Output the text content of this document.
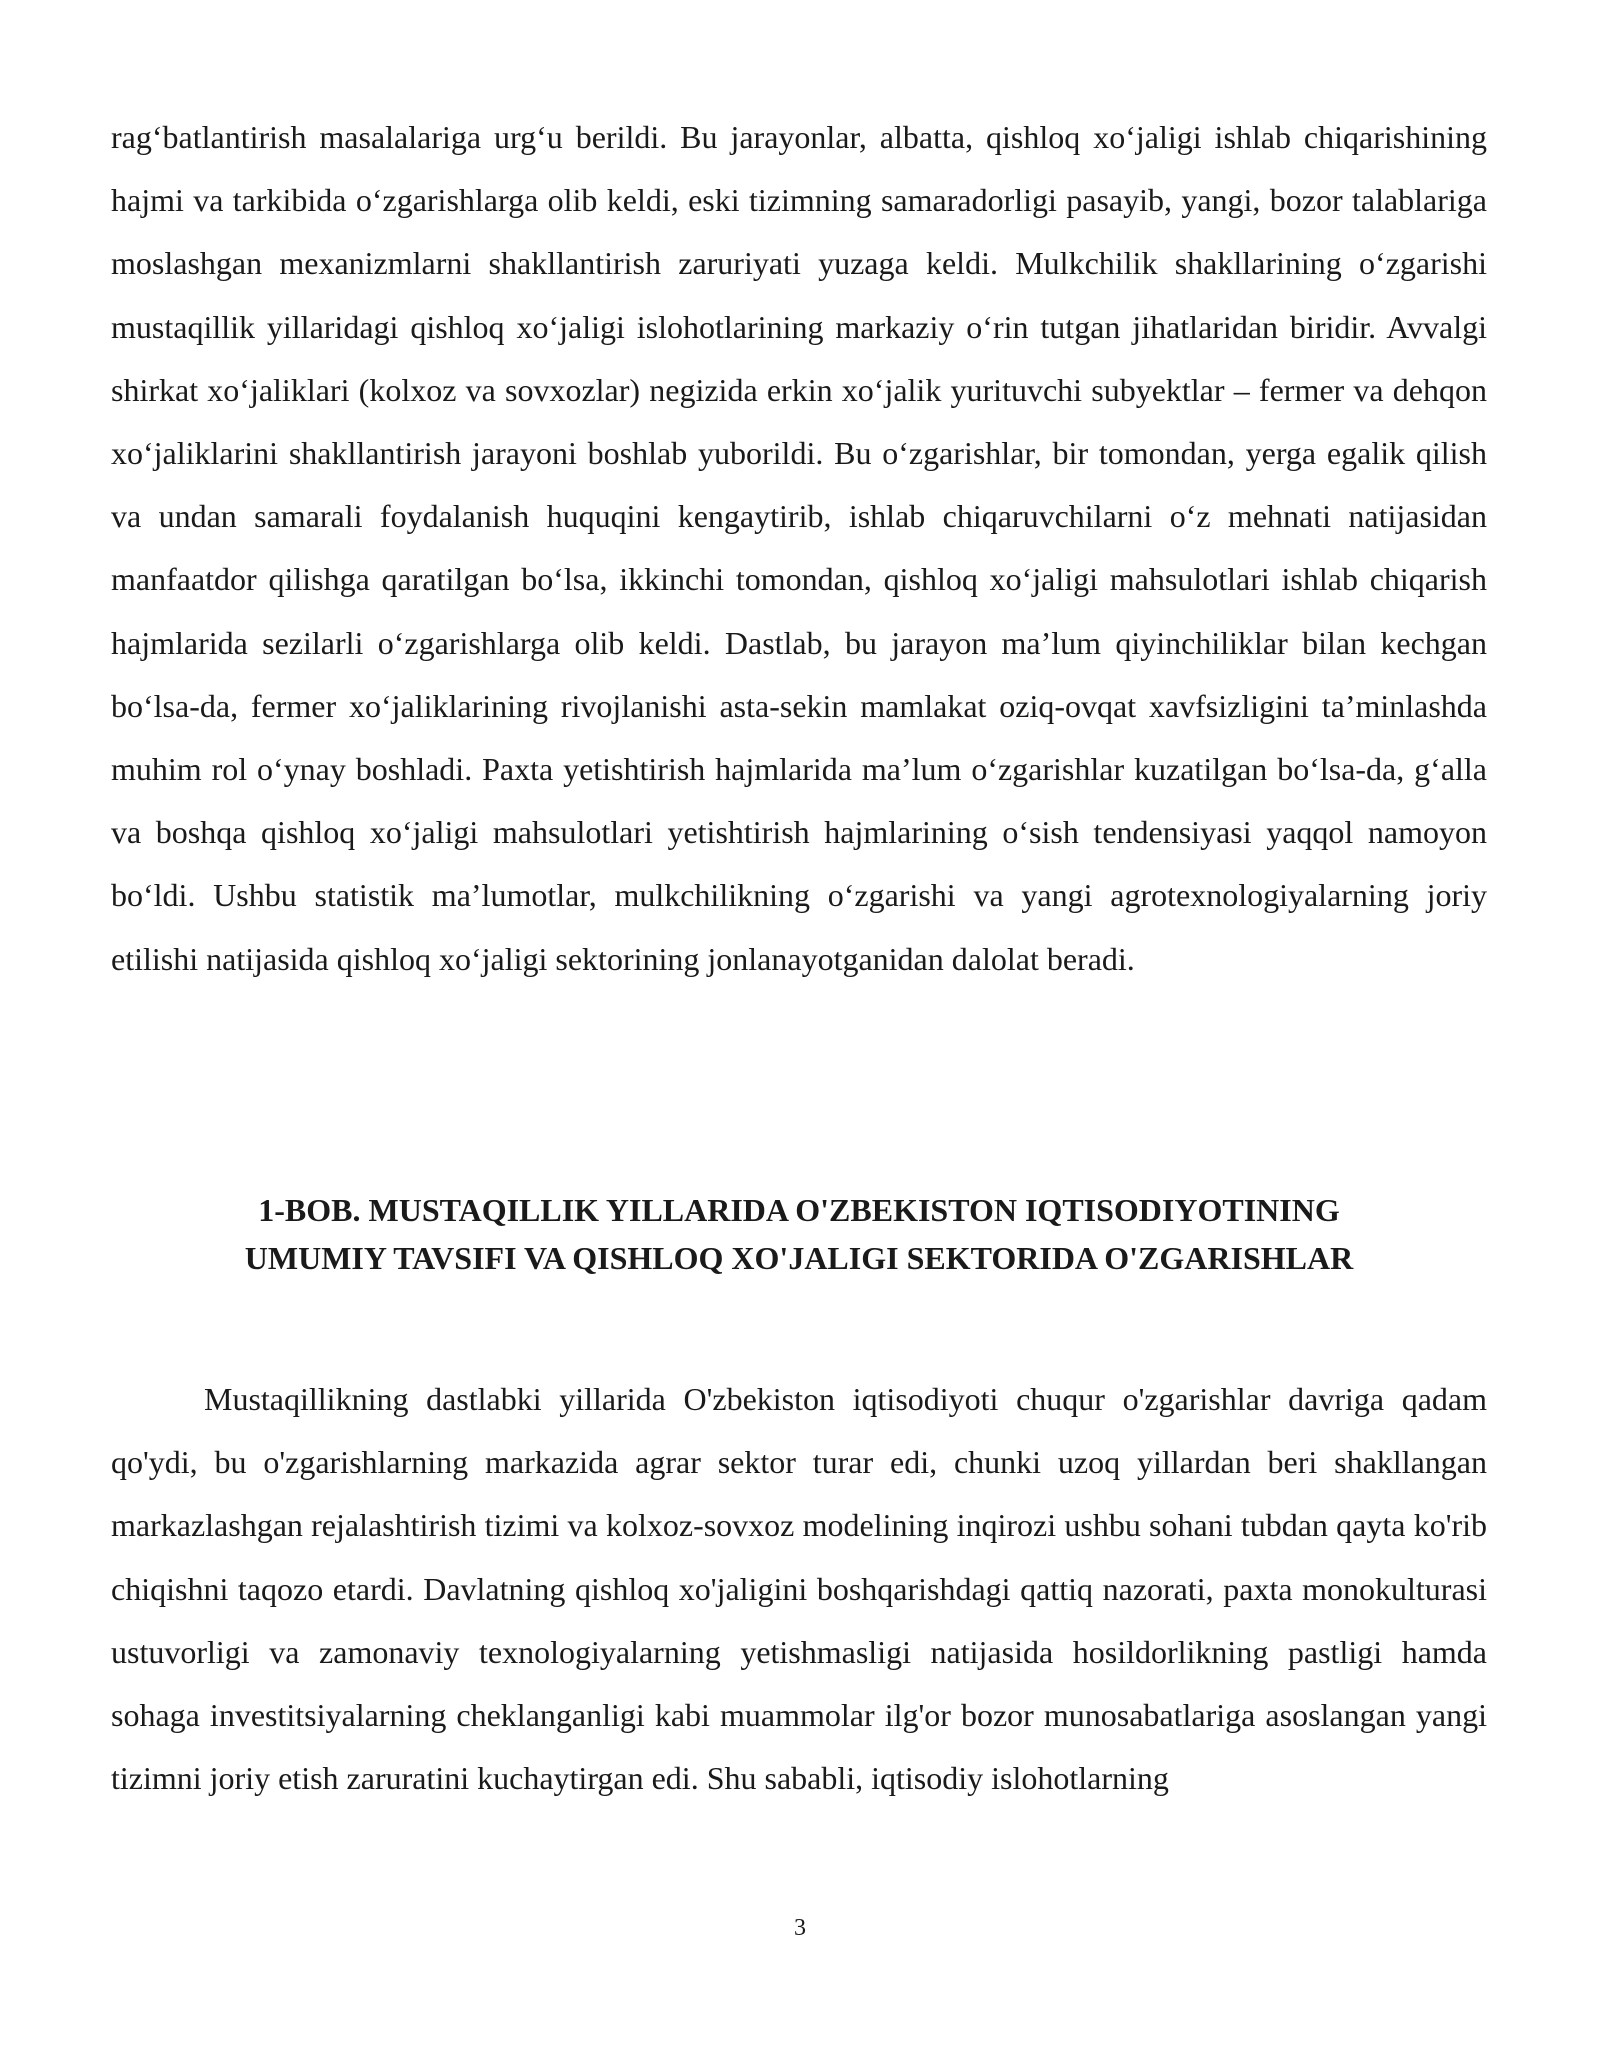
rag‘batlantirish masalalariga urg‘u berildi. Bu jarayonlar, albatta, qishloq xo‘jaligi ishlab chiqarishining hajmi va tarkibida o‘zgarishlarga olib keldi, eski tizimning samaradorligi pasayib, yangi, bozor talablariga moslashgan mexanizmlarni shakllantirish zaruriyati yuzaga keldi. Mulkchilik shakllarining o‘zgarishi mustaqillik yillaridagi qishloq xo‘jaligi islohotlarining markaziy o‘rin tutgan jihatlaridan biridir. Avvalgi shirkat xo‘jaliklari (kolxoz va sovxozlar) negizida erkin xo‘jalik yurituvchi subyektlar – fermer va dehqon xo‘jaliklarini shakllantirish jarayoni boshlab yuborildi. Bu o‘zgarishlar, bir tomondan, yerga egalik qilish va undan samarali foydalanish huquqini kengaytirib, ishlab chiqaruvchilarni o‘z mehnati natijasidan manfaatdor qilishga qaratilgan bo‘lsa, ikkinchi tomondan, qishloq xo‘jaligi mahsulotlari ishlab chiqarish hajmlarida sezilarli o‘zgarishlarga olib keldi. Dastlab, bu jarayon ma’lum qiyinchiliklar bilan kechgan bo‘lsa-da, fermer xo‘jaliklarining rivojlanishi asta-sekin mamlakat oziq-ovqat xavfsizligini ta’minlashda muhim rol o‘ynay boshladi. Paxta yetishtirish hajmlarida ma’lum o‘zgarishlar kuzatilgan bo‘lsa-da, g‘alla va boshqa qishloq xo‘jaligi mahsulotlari yetishtirish hajmlarining o‘sish tendensiyasi yaqqol namoyon bo‘ldi. Ushbu statistik ma’lumotlar, mulkchilikning o‘zgarishi va yangi agrotexnologiyalarning joriy etilishi natijasida qishloq xo‘jaligi sektorining jonlanayotganidan dalolat beradi.

1-BOB. MUSTAQILLIK YILLARIDA O'ZBEKISTON IQTISODIYOTINING

UMUMIY TAVSIFI VA QISHLOQ XO'JALIGI SEKTORIDA O'ZGARISHLAR

Mustaqillikning dastlabki yillarida O'zbekiston iqtisodiyoti chuqur o'zgarishlar davriga qadam qo'ydi, bu o'zgarishlarning markazida agrar sektor turar edi, chunki uzoq yillardan beri shakllangan markazlashgan rejalashtirish tizimi va kolxoz-sovxoz modelining inqirozi ushbu sohani tubdan qayta ko'rib chiqishni taqozo etardi. Davlatning qishloq xo'jaligini boshqarishdagi qattiq nazorati, paxta monokulturasi ustuvorligi va zamonaviy texnologiyalarning yetishmasligi natijasida hosildorlikning pastligi hamda sohaga investitsiyalarning cheklanganligi kabi muammolar ilg'or bozor munosabatlariga asoslangan yangi tizimni joriy etish zaruratini kuchaytirgan edi. Shu sababli, iqtisodiy islohotlarning

3
